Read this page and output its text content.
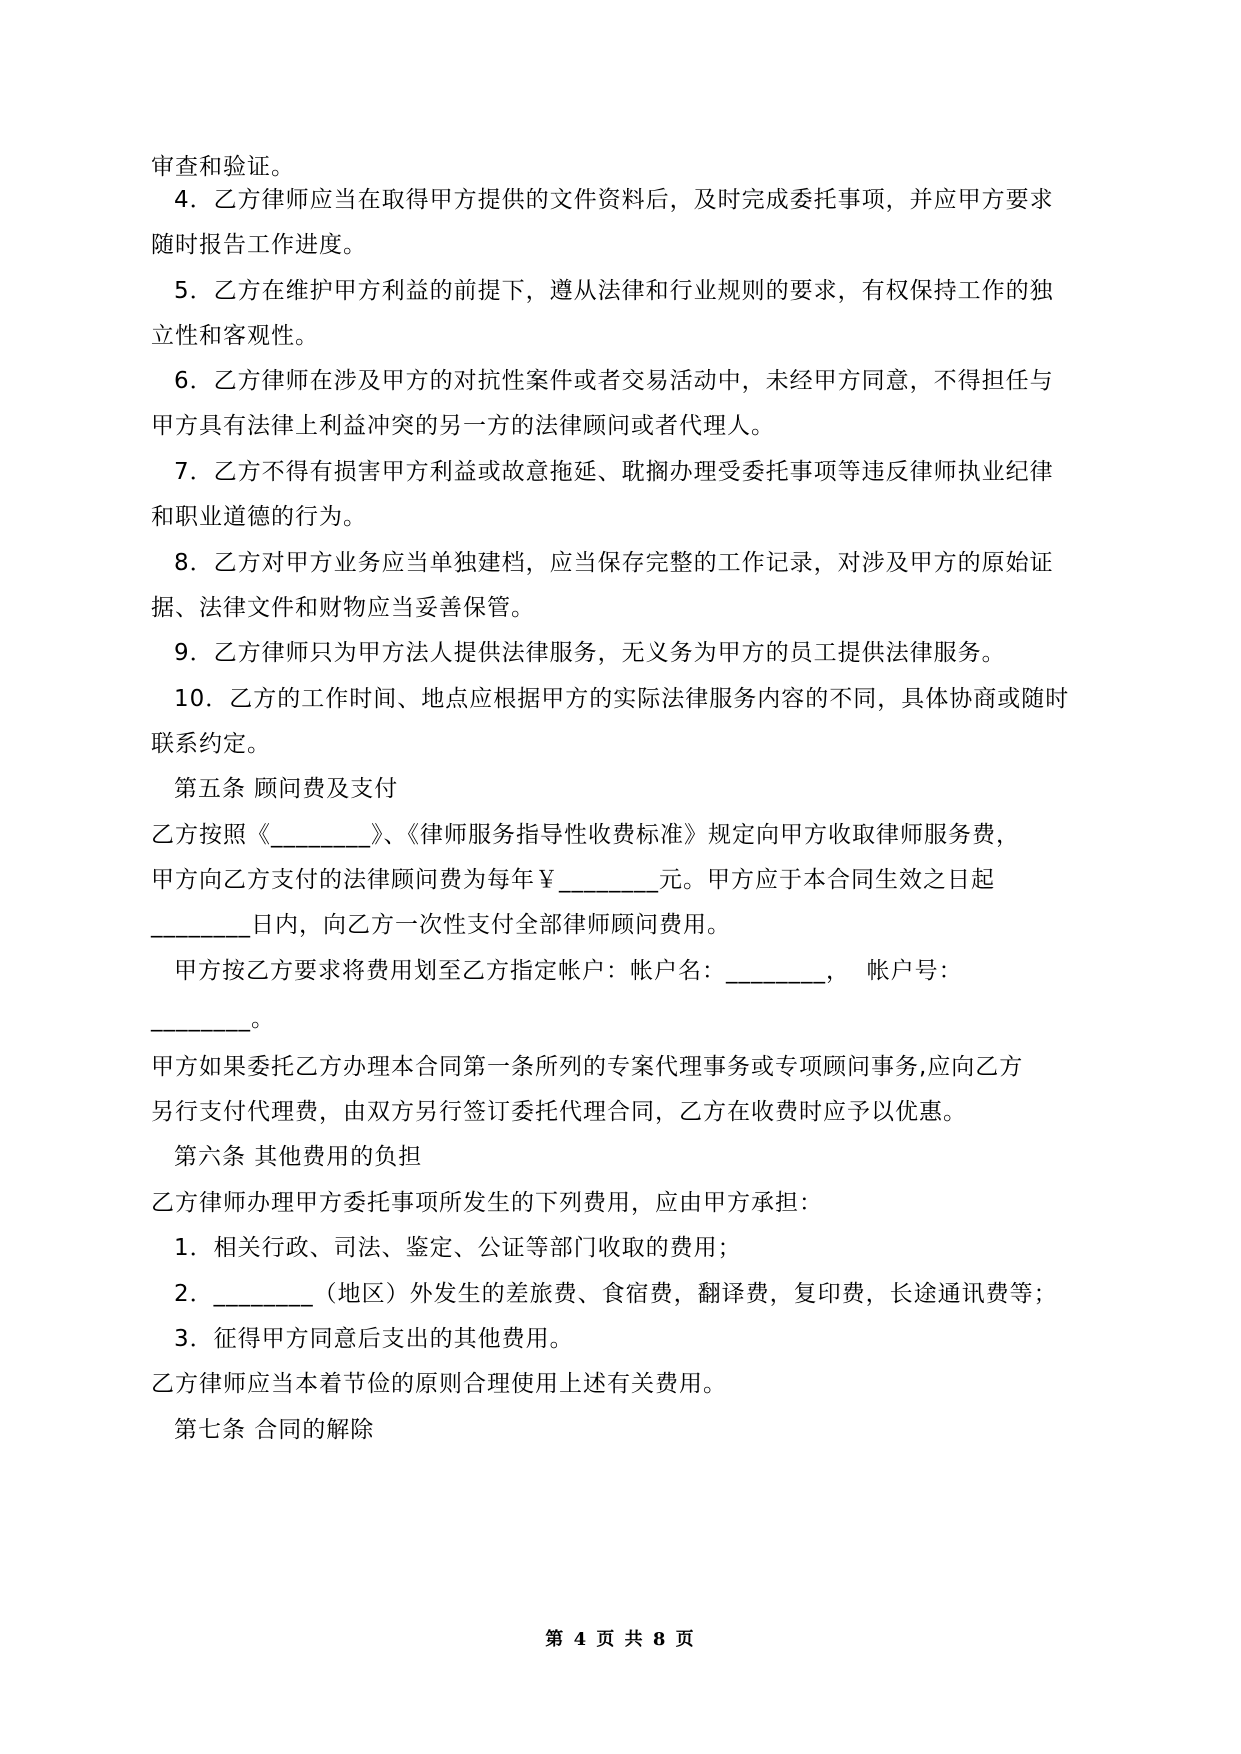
审查和验证。
4．乙方律师应当在取得甲方提供的文件资料后，及时完成委托事项，并应甲方要求
随时报告工作进度。
5．乙方在维护甲方利益的前提下，遵从法律和行业规则的要求，有权保持工作的独
立性和客观性。
6．乙方律师在涉及甲方的对抗性案件或者交易活动中，未经甲方同意，不得担任与
甲方具有法律上利益冲突的另一方的法律顾问或者代理人。
7．乙方不得有损害甲方利益或故意拖延、耽搁办理受委托事项等违反律师执业纪律
和职业道德的行为。
8．乙方对甲方业务应当单独建档，应当保存完整的工作记录，对涉及甲方的原始证
据、法律文件和财物应当妥善保管。
9．乙方律师只为甲方法人提供法律服务，无义务为甲方的员工提供法律服务。
10．乙方的工作时间、地点应根据甲方的实际法律服务内容的不同，具体协商或随时
联系约定。
第五条 顾问费及支付
乙方按照《________》、《律师服务指导性收费标准》规定向甲方收取律师服务费，
甲方向乙方支付的法律顾问费为每年￥________元。甲方应于本合同生效之日起
________日内，向乙方一次性支付全部律师顾问费用。
甲方按乙方要求将费用划至乙方指定帐户：帐户名：________，  帐户号：
________。
甲方如果委托乙方办理本合同第一条所列的专案代理事务或专项顾问事务,应向乙方
另行支付代理费，由双方另行签订委托代理合同，乙方在收费时应予以优惠。
第六条 其他费用的负担
乙方律师办理甲方委托事项所发生的下列费用，应由甲方承担：
1．相关行政、司法、鉴定、公证等部门收取的费用；
2．________（地区）外发生的差旅费、食宿费，翻译费，复印费，长途通讯费等；
3．征得甲方同意后支出的其他费用。
乙方律师应当本着节俭的原则合理使用上述有关费用。
第七条 合同的解除
第 4 页 共 8 页
